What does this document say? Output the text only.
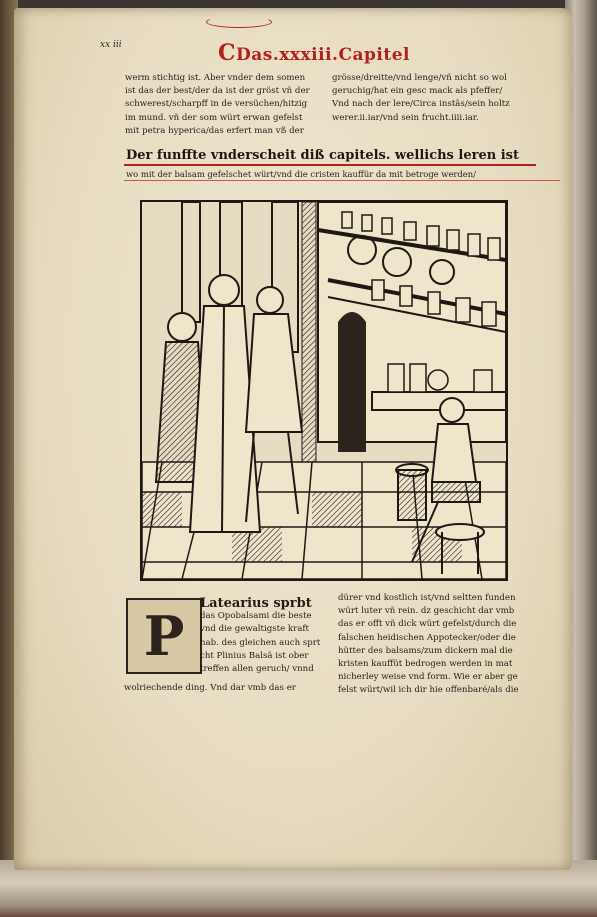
xx iii	CDas.xxxiii.Capitel

werm stichtig ist. Aber vnder dem somen

ist das der best/der da ist der gröst vñ der

schwerest/scharpff in de versüchen/hitzig

im mund. vñ der som würt erwan gefelst

mit petra hyperica/das erfert man vß der

grösse/dreitte/vnd lenge/vñ nicht so wol

geruchig/hat ein gesc mack als pfeffer/

Vnd nach der lere/Circa instãs/sein holtz

werer.ii.iar/vnd sein frucht.iiii.iar.

Der funffte vnderscheit diß capitels. wellichs leren ist
wo mit der balsam gefelschet würt/vnd die cristen kauffür da mit betroge werden/
P

Latearius sprbt

das Opobalsami die beste

vnd die gewaltigste kraft

hab. des gleichen auch sprt

cht Plinius Balsã ist ober

treffen allen geruch/ vnnd

wolriechende ding. Vnd dar vmb das er

dürer vnd kostlich ist/vnd seltten funden

würt luter vñ rein. dz geschicht dar vmb

das er offt vñ dick würt gefelst/durch die

falschen heidischen Appotecker/oder die

hütter des balsams/zum dickern mal die

kristen kauffüt bedrogen werden in mat

nicherley weise vnd form. Wie er aber ge

felst würt/wil ich dir hie offenbaré/als die
